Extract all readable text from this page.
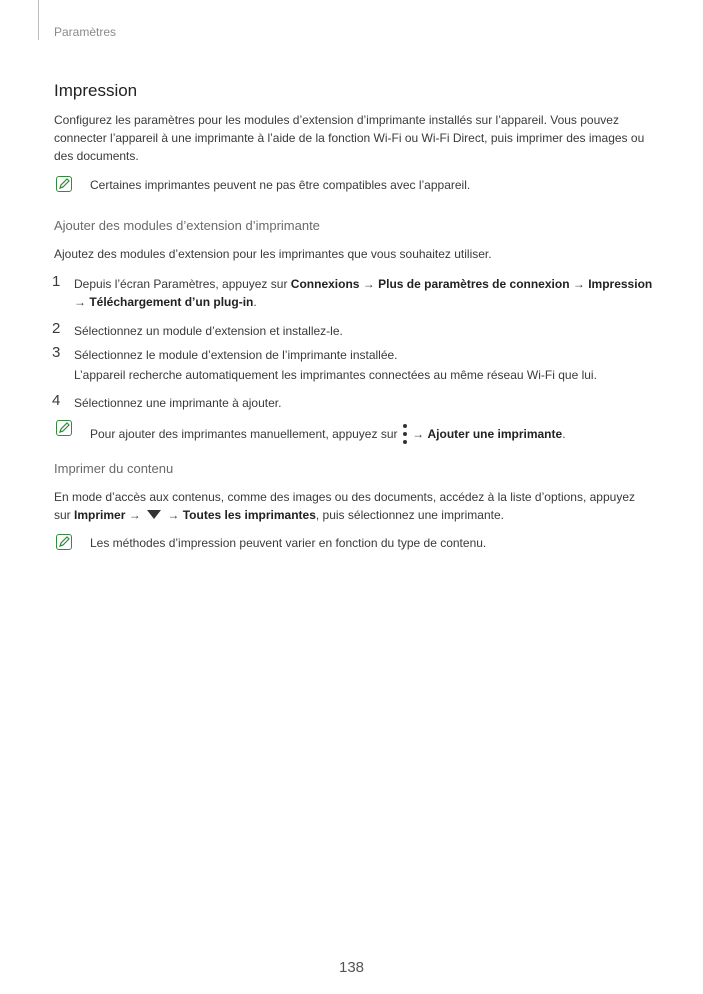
Paramètres
Impression
Configurez les paramètres pour les modules d’extension d’imprimante installés sur l’appareil. Vous pouvez connecter l’appareil à une imprimante à l’aide de la fonction Wi-Fi ou Wi-Fi Direct, puis imprimer des images ou des documents.
Certaines imprimantes peuvent ne pas être compatibles avec l’appareil.
Ajouter des modules d’extension d’imprimante
Ajoutez des modules d’extension pour les imprimantes que vous souhaitez utiliser.
1 Depuis l’écran Paramètres, appuyez sur Connexions → Plus de paramètres de connexion → Impression
→ Téléchargement d’un plug-in.
2 Sélectionnez un module d’extension et installez-le.
3 Sélectionnez le module d’extension de l’imprimante installée.
L’appareil recherche automatiquement les imprimantes connectées au même réseau Wi-Fi que lui.
4 Sélectionnez une imprimante à ajouter.
Pour ajouter des imprimantes manuellement, appuyez sur
→ Ajouter une imprimante.
Imprimer du contenu
En mode d’accès aux contenus, comme des images ou des documents, accédez à la liste d’options, appuyez
sur Imprimer →  → Toutes les imprimantes, puis sélectionnez une imprimante.
Les méthodes d’impression peuvent varier en fonction du type de contenu.
138
